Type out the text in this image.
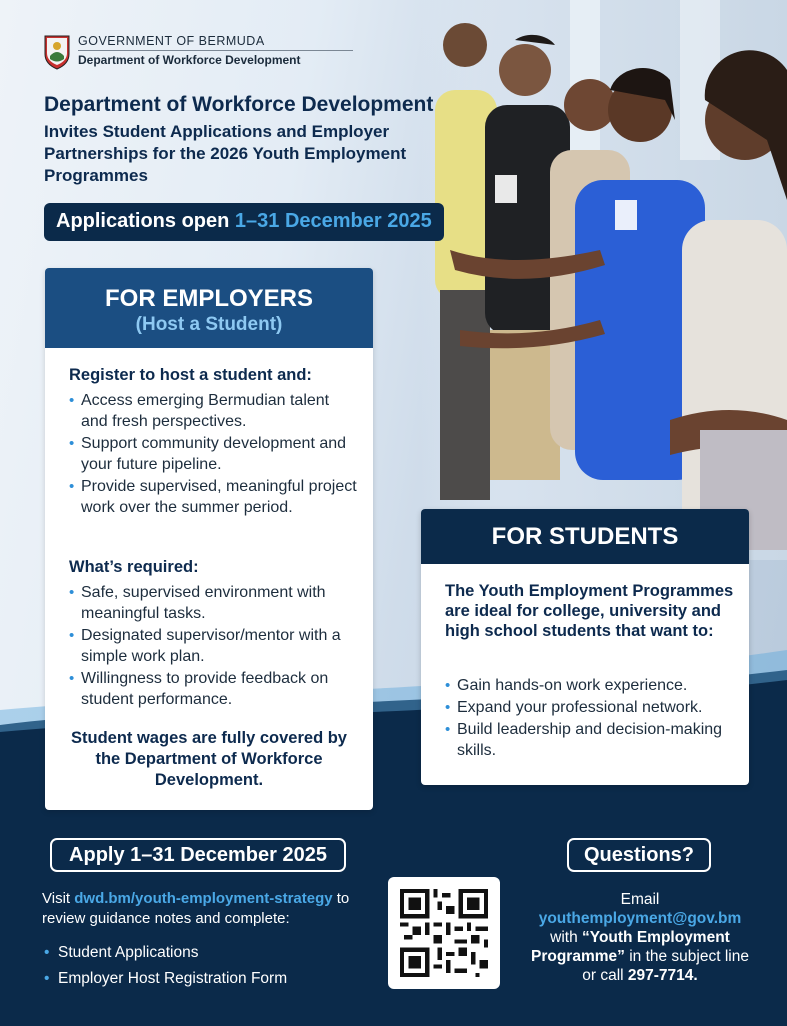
GOVERNMENT OF BERMUDA
Department of Workforce Development
Department of Workforce Development
Invites Student Applications and Employer Partnerships for the 2026 Youth Employment Programmes
Applications open 1–31 December 2025
FOR EMPLOYERS
(Host a Student)
Register to host a student and:
• Access emerging Bermudian talent and fresh perspectives.
• Support community development and your future pipeline.
• Provide supervised, meaningful project work over the summer period.
What’s required:
• Safe, supervised environment with meaningful tasks.
• Designated supervisor/mentor with a simple work plan.
• Willingness to provide feedback on student performance.
Student wages are fully covered by the Department of Workforce Development.
FOR STUDENTS
The Youth Employment Programmes are ideal for college, university and high school students that want to:
• Gain hands-on work experience.
• Expand your professional network.
• Build leadership and decision-making skills.
Apply 1–31 December 2025
Visit dwd.bm/youth-employment-strategy to review guidance notes and complete:
• Student Applications
• Employer Host Registration Form
Questions?
Email
youthemployment@gov.bm
with “Youth Employment Programme” in the subject line or call 297-7714.
